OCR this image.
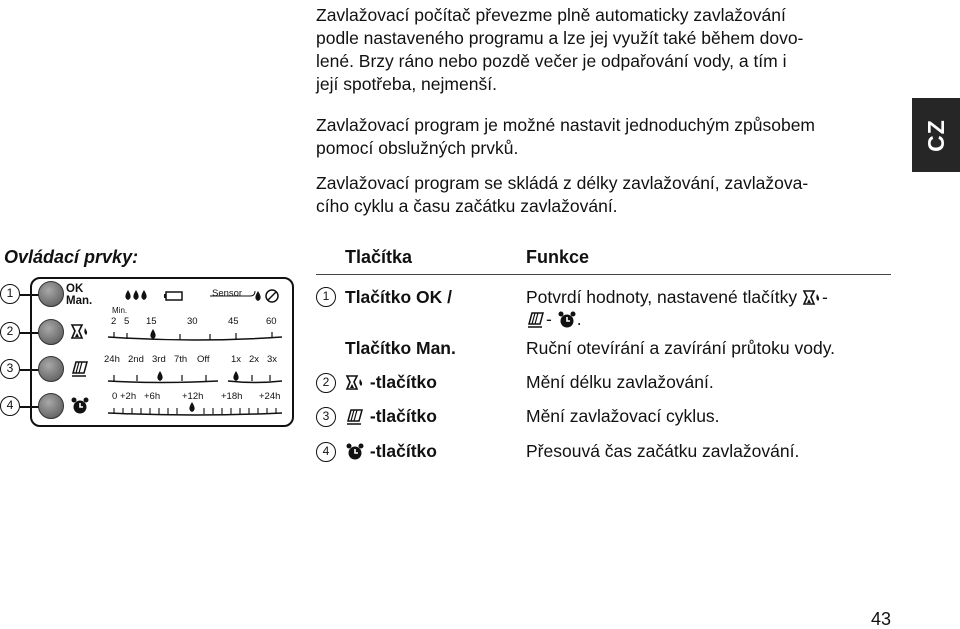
Zavlažovací počítač převezme plně automaticky zavlažování
podle nastaveného programu a lze jej využít také během dovo-
lené. Brzy ráno nebo pozdě večer je odpařování vody, a tím i
její spotřeba, nejmenší.
Zavlažovací program je možné nastavit jednoduchým způsobem
pomocí obslužných prvků.
Zavlažovací program se skládá z délky zavlažování, zavlažova-
cího cyklu a času začátku zavlažování.
CZ
Ovládací prvky:	Tlačítka	Funkce
1
2
3
4
OK
Man.
Sensor
Min.
2 5 15	30	45	60
24h 2nd 3rd 7th Off 1x 2x 3x
0 +2h +6h +12h +18h +24h
1 Tlačítko OK /	Potvrdí hodnoty, nastavené tlačítky -
- .
Tlačítko Man.	Ruční otevírání a zavírání průtoku vody.
2	-tlačítko	Mění délku zavlažování.
3	-tlačítko	Mění zavlažovací cyklus.
4	-tlačítko	Přesouvá čas začátku zavlažování.
43
